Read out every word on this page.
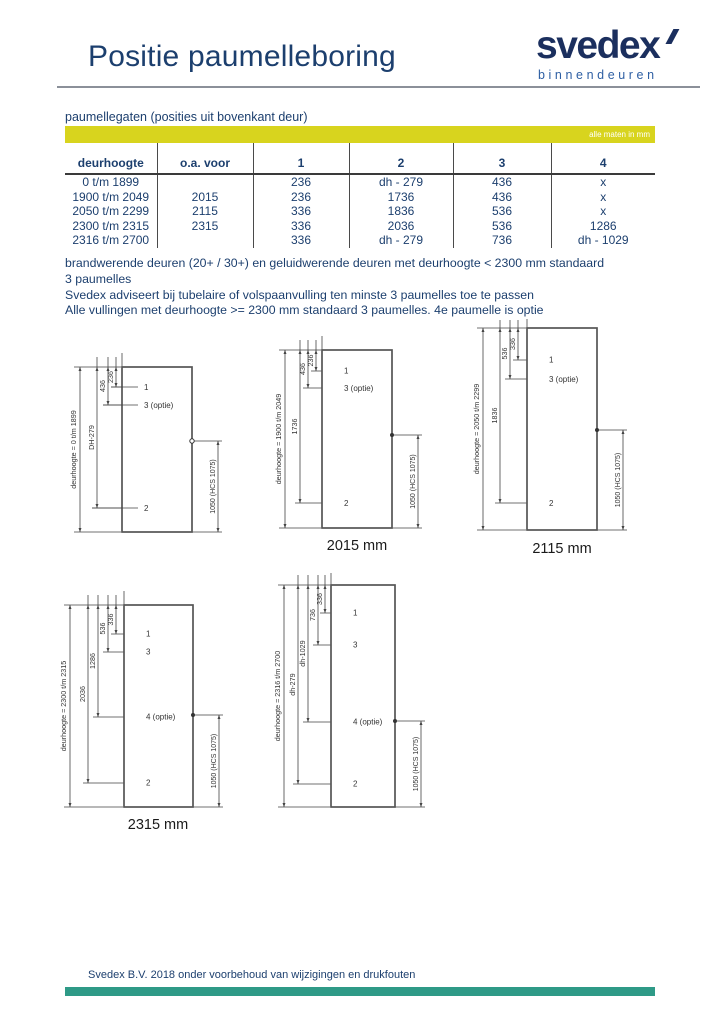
Positie paumelleboring	svedex
binnendeuren
paumellegaten (posities uit bovenkant deur)
alle maten in mm
deurhoogte	o.a. voor	1	2	3	4
0 t/m 1899		236	dh - 279	436	x
1900 t/m 2049	2015	236	1736	436	x
2050 t/m 2299	2115	336	1836	536	x
2300 t/m 2315	2315	336	2036	536	1286
2316 t/m 2700		336	dh - 279	736	dh - 1029
brandwerende deuren (20+ / 30+) en geluidwerende deuren met deurhoogte < 2300 mm standaard
3 paumelles
Svedex adviseert bij tubelaire of volspaanvulling ten minste 3 paumelles toe te passen
Alle vullingen met deurhoogte >= 2300 mm standaard 3 paumelles. 4e paumelle is optie
deurhoogte = 0 t/m 1899 DH-279
436
236
1
3 (optie)
2	1050 (HCS 1075)
deurhoogte = 1900 t/m 2049 1736
436
236
1
3 (optie)
2	1050 (HCS 1075)
2015 mm
deurhoogte = 2050 t/m 2299 1836
536
336
1
3 (optie)
2	1050 (HCS 1075)
2115 mm
deurhoogte = 2300 t/m 2315 2036
1286
536
336
1
3
4 (optie)
2	1050 (HCS 1075)
2315 mm
deurhoogte = 2316 t/m 2700 dh-279
dh-1029
736
336
1
3
4 (optie)
2	1050 (HCS 1075)
Svedex B.V. 2018 onder voorbehoud van wijzigingen en drukfouten
